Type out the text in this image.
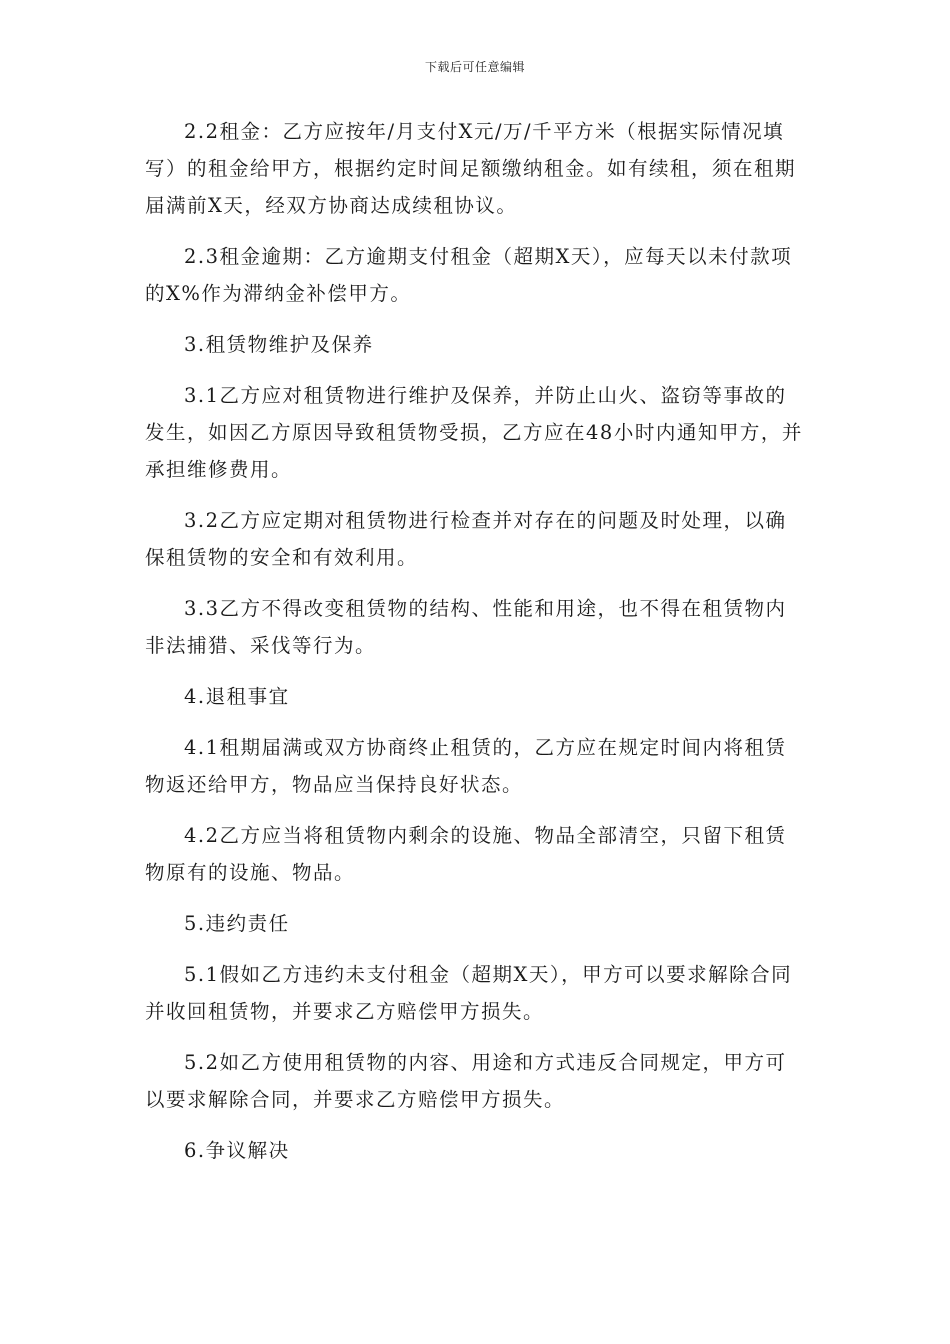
下载后可任意编辑

2.2租金：乙方应按年/月支付X元/万/千平方米（根据实际情况填写）的租金给甲方，根据约定时间足额缴纳租金。如有续租，须在租期届满前X天，经双方协商达成续租协议。

2.3租金逾期：乙方逾期支付租金（超期X天），应每天以未付款项的X%作为滞纳金补偿甲方。

3.租赁物维护及保养

3.1乙方应对租赁物进行维护及保养，并防止山火、盗窃等事故的发生，如因乙方原因导致租赁物受损，乙方应在48小时内通知甲方，并承担维修费用。

3.2乙方应定期对租赁物进行检查并对存在的问题及时处理，以确保租赁物的安全和有效利用。

3.3乙方不得改变租赁物的结构、性能和用途，也不得在租赁物内非法捕猎、采伐等行为。

4.退租事宜

4.1租期届满或双方协商终止租赁的，乙方应在规定时间内将租赁物返还给甲方，物品应当保持良好状态。

4.2乙方应当将租赁物内剩余的设施、物品全部清空，只留下租赁物原有的设施、物品。

5.违约责任

5.1假如乙方违约未支付租金（超期X天），甲方可以要求解除合同并收回租赁物，并要求乙方赔偿甲方损失。

5.2如乙方使用租赁物的内容、用途和方式违反合同规定，甲方可以要求解除合同，并要求乙方赔偿甲方损失。

6.争议解决
